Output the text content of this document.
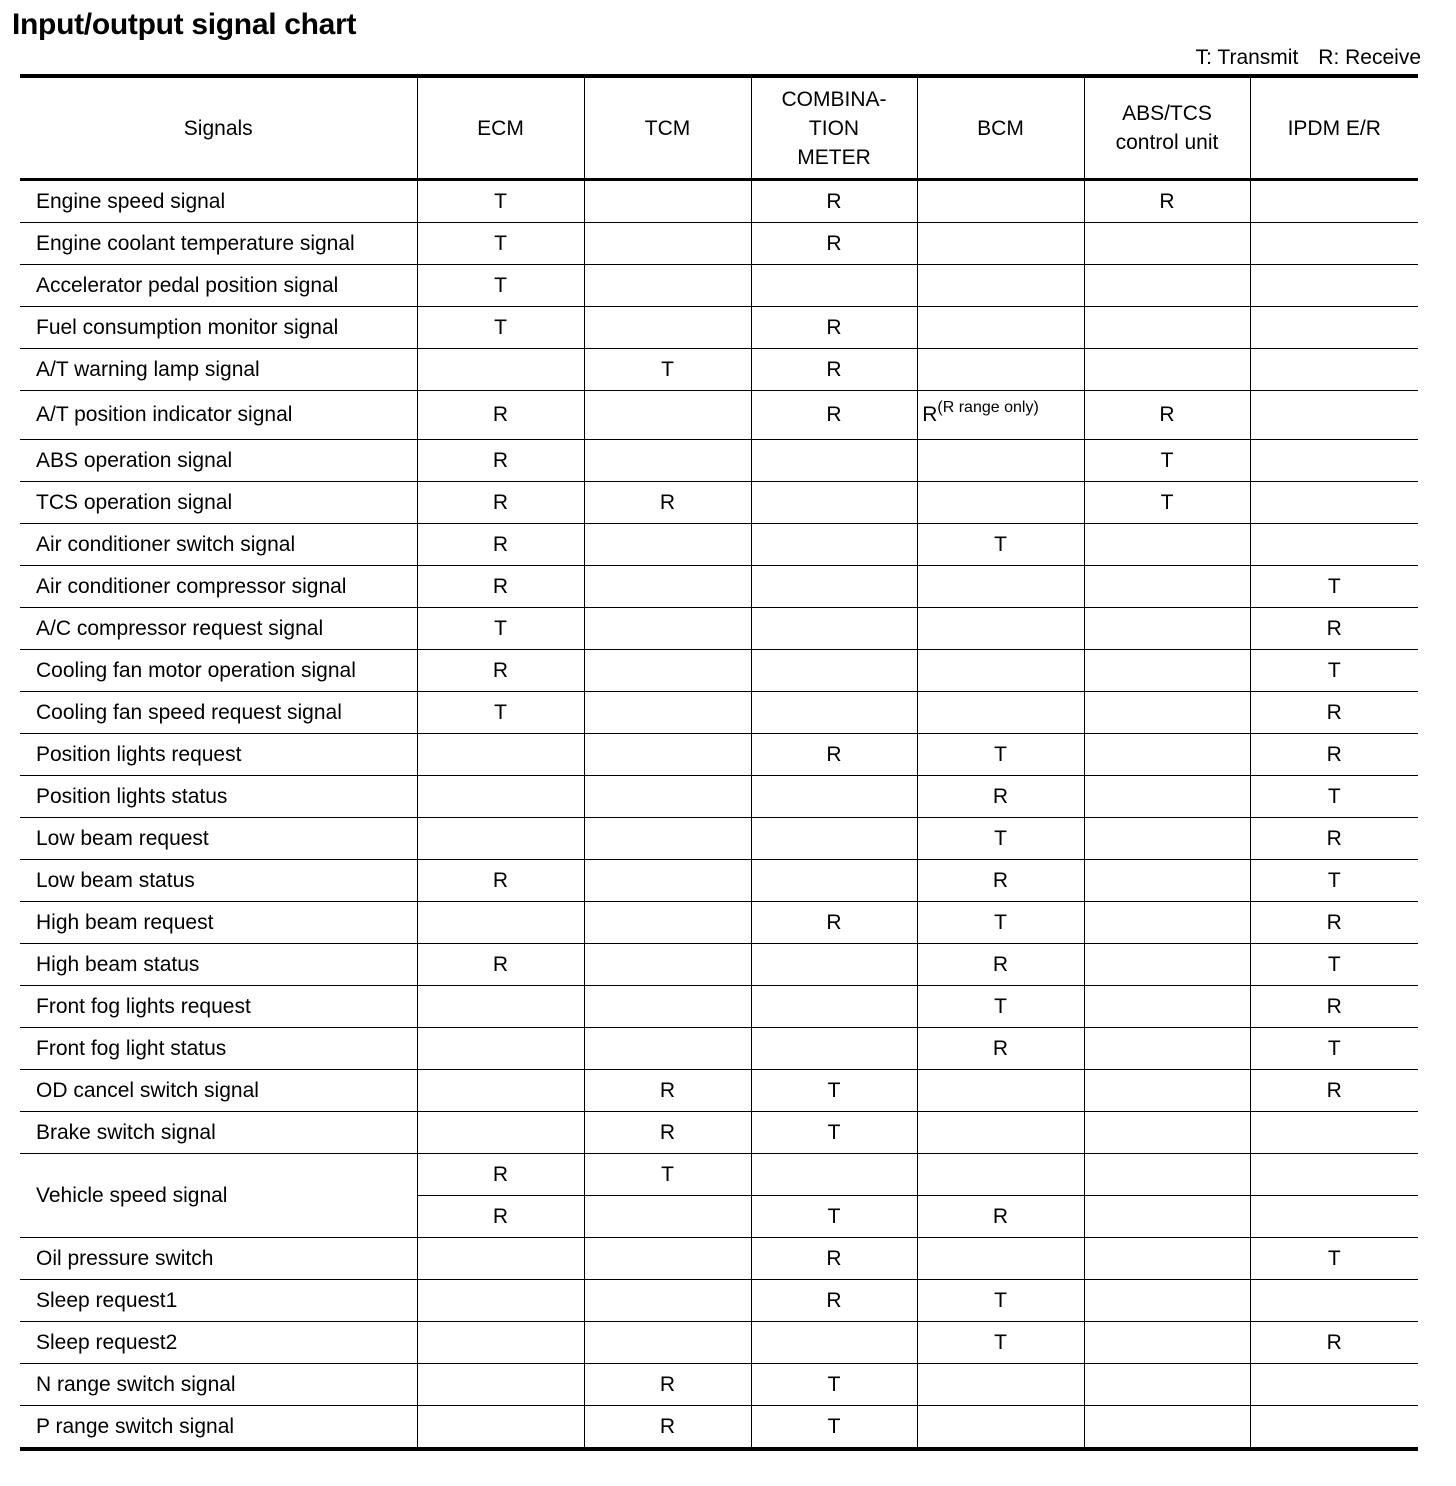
Input/output signal chart
T: Transmit R: Receive
Signals	ECM	TCM	COMBINA-
TION
METER	BCM	ABS/TCS
control unit	IPDM E/R
Engine speed signal	T		R		R	
Engine coolant temperature signal	T		R			
Accelerator pedal position signal	T					
Fuel consumption monitor signal	T		R			
A/T warning lamp signal		T	R			
A/T position indicator signal	R		R	$R^{(R range only)}$	R	
ABS operation signal	R				T	
TCS operation signal	R	R			T	
Air conditioner switch signal	R			T		
Air conditioner compressor signal	R					T
A/C compressor request signal	T					R
Cooling fan motor operation signal	R					T
Cooling fan speed request signal	T					R
Position lights request			R	T		R
Position lights status				R		T
Low beam request				T		R
Low beam status	R			R		T
High beam request			R	T		R
High beam status	R			R		T
Front fog lights request				T		R
Front fog light status				R		T
OD cancel switch signal		R	T			R
Brake switch signal		R	T			
Vehicle speed signal	R	T				
	R		T	R		
Oil pressure switch			R			T
Sleep request1			R	T		
Sleep request2				T		R
N range switch signal		R	T			
P range switch signal		R	T			
